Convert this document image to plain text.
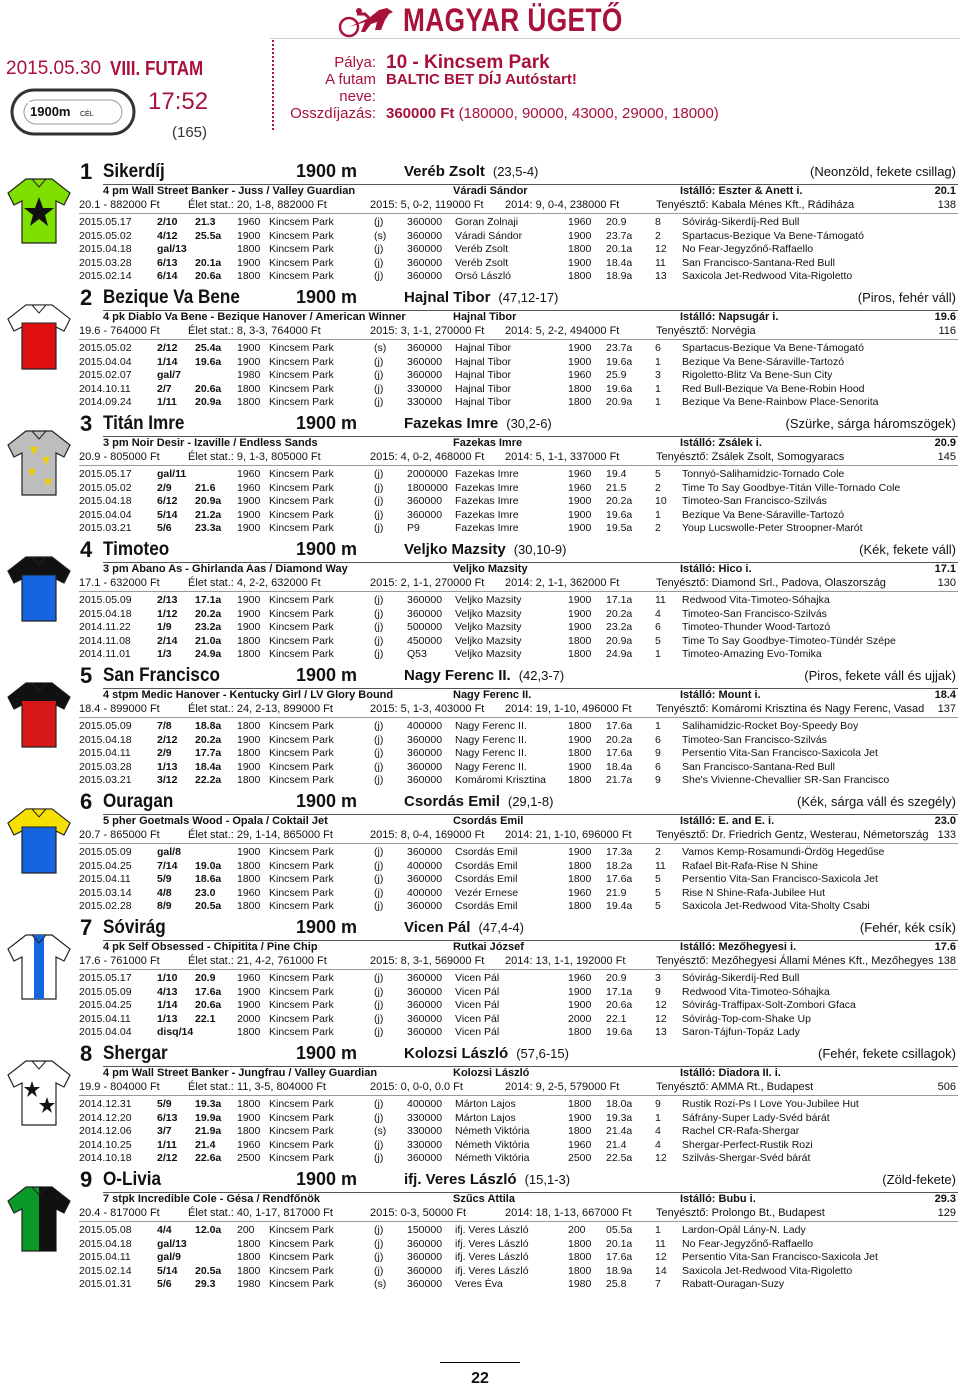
MAGYAR ÜGETŐ
2015.05.30 VIII. FUTAM
17:52
(165)
1900m CÉL
Pálya: 10 - Kincsem Park
A futam neve:
BALTIC BET DÍJ Autóstart!
Osszdíjazás: 360000 Ft
(180000, 90000, 43000, 29000, 18000)
1 Sikerdíj	1900 m	Veréb Zsolt (23,5-4)	(Neonzöld, fekete csillag)
4 pm Wall Street Banker - Juss / Valley Guardian	Váradi Sándor	Istálló: Eszter & Anett i.	20.1
20.1 - 882000 Ft	Élet stat.: 20, 1-8, 882000 Ft	2015: 5, 0-2, 119000 Ft 2014: 9, 0-4, 238000 Ft	Tenyésztő: Kabala Ménes Kft., Rádiháza	138
2015.05.17 2/10 21.3 1960 Kincsem Park	(j) 360000 Goran Zolnaji	1960 20.9	8 Sóvirág-Sikerdíj-Red Bull
2015.05.02 4/12 25.5a 1900 Kincsem Park	(s) 360000 Váradi Sándor	1900 23.7a 2 Spartacus-Bezique Va Bene-Támogató
2015.04.18 gal/13	1800 Kincsem Park	(j) 360000 Veréb Zsolt	1800 20.1a 12 No Fear-Jegyzőnő-Raffaello
2015.03.28 6/13 20.1a 1900 Kincsem Park	(j) 360000 Veréb Zsolt	1900 18.4a 11 San Francisco-Santana-Red Bull
2015.02.14 6/14 20.6a 1800 Kincsem Park	(j) 360000 Orsó László	1800 18.9a 13 Saxicola Jet-Redwood Vita-Rigoletto
2 Bezique Va Bene	1900 m	Hajnal Tibor (47,12-17)	(Piros, fehér váll)
4 pk Diablo Va Bene - Bezique Hanover / American Winner	Hajnal Tibor	Istálló: Napsugár i.	19.6
19.6 - 764000 Ft	Élet stat.: 8, 3-3, 764000 Ft	2015: 3, 1-1, 270000 Ft 2014: 5, 2-2, 494000 Ft	Tenyésztő: Norvégia	116
2015.05.02 2/12 25.4a 1900 Kincsem Park	(s) 360000 Hajnal Tibor	1900 23.7a 6 Spartacus-Bezique Va Bene-Támogató
2015.04.04 1/14 19.6a 1900 Kincsem Park	(j) 360000 Hajnal Tibor	1900 19.6a 1 Bezique Va Bene-Sáraville-Tartozó
2015.02.07 gal/7	1980 Kincsem Park	(j) 360000 Hajnal Tibor	1960 25.9	3 Rigoletto-Blitz Va Bene-Sun City
2014.10.11 2/7 20.6a 1800 Kincsem Park	(j) 330000 Hajnal Tibor	1800 19.6a 1 Red Bull-Bezique Va Bene-Robin Hood
2014.09.24 1/11 20.9a 1800 Kincsem Park	(j) 330000 Hajnal Tibor	1800 20.9a 1 Bezique Va Bene-Rainbow Place-Senorita
3 Titán Imre	1900 m	Fazekas Imre (30,2-6)	(Szürke, sárga háromszögek)
3 pm Noir Desir - Izaville / Endless Sands	Fazekas Imre	Istálló: Zsálek i.	20.9
20.9 - 805000 Ft	Élet stat.: 9, 1-3, 805000 Ft	2015: 4, 0-2, 468000 Ft 2014: 5, 1-1, 337000 Ft	Tenyésztő: Zsálek Zsolt, Somogyaracs	145
2015.05.17 gal/11	1960 Kincsem Park	(j) 2000000 Fazekas Imre	1960 19.4	5 Tonnyó-Salihamidzic-Tornado Cole
2015.05.02 2/9 21.6 1960 Kincsem Park	(j) 1800000 Fazekas Imre	1960 21.5	2 Time To Say Goodbye-Titán Ville-Tornado Cole
2015.04.18 6/12 20.9a 1900 Kincsem Park	(j) 360000 Fazekas Imre	1900 20.2a 10 Timoteo-San Francisco-Szilvás
2015.04.04 5/14 21.2a 1900 Kincsem Park	(j) 360000 Fazekas Imre	1900 19.6a 1 Bezique Va Bene-Sáraville-Tartozó
2015.03.21 5/6 23.3a 1900 Kincsem Park	(j) P9	Fazekas Imre	1900 19.5a 2 Youp Lucswolle-Peter Stroopner-Marót
4 Timoteo	1900 m	Veljko Mazsity (30,10-9)	(Kék, fekete váll)
3 pm Abano As - Ghirlanda Aas / Diamond Way	Veljko Mazsity	Istálló: Hico i.	17.1
17.1 - 632000 Ft	Élet stat.: 4, 2-2, 632000 Ft	2015: 2, 1-1, 270000 Ft 2014: 2, 1-1, 362000 Ft	Tenyésztő: Diamond Srl., Padova, Olaszország	130
2015.05.09 2/13 17.1a 1900 Kincsem Park	(j) 360000 Veljko Mazsity	1900 17.1a 11 Redwood Vita-Timoteo-Sóhajka
2015.04.18 1/12 20.2a 1900 Kincsem Park	(j) 360000 Veljko Mazsity	1900 20.2a 4 Timoteo-San Francisco-Szilvás
2014.11.22 1/9 23.2a 1900 Kincsem Park	(j) 500000 Veljko Mazsity	1900 23.2a 6 Timoteo-Thunder Wood-Tartozó
2014.11.08 2/14 21.0a 1800 Kincsem Park	(j) 450000 Veljko Mazsity	1800 20.9a 5 Time To Say Goodbye-Timoteo-Tündér Szépe
2014.11.01 1/3 24.9a 1800 Kincsem Park	(j) Q53	Veljko Mazsity	1800 24.9a 1 Timoteo-Amazing Evo-Tomika
5 San Francisco	1900 m	Nagy Ferenc II. (42,3-7)	(Piros, fekete váll és ujjak)
4 stpm Medic Hanover - Kentucky Girl / LV Glory Bound	Nagy Ferenc II.	Istálló: Mount i.	18.4
18.4 - 899000 Ft	Élet stat.: 24, 2-13, 899000 Ft	2015: 5, 1-3, 403000 Ft 2014: 19, 1-10, 496000 Ft Tenyésztő: Komáromi Krisztina és Nagy Ferenc, Vasad 137
2015.05.09 7/8 18.8a 1800 Kincsem Park	(j) 400000 Nagy Ferenc II.	1800 17.6a 1 Salihamidzic-Rocket Boy-Speedy Boy
2015.04.18 2/12 20.2a 1900 Kincsem Park	(j) 360000 Nagy Ferenc II.	1900 20.2a 6 Timoteo-San Francisco-Szilvás
2015.04.11 2/9 17.7a 1800 Kincsem Park	(j) 360000 Nagy Ferenc II.	1800 17.6a 9 Persentio Vita-San Francisco-Saxicola Jet
2015.03.28 1/13 18.4a 1900 Kincsem Park	(j) 360000 Nagy Ferenc II.	1900 18.4a 6 San Francisco-Santana-Red Bull
2015.03.21 3/12 22.2a 1800 Kincsem Park	(j) 360000 Komáromi Krisztina 1800 21.7a 9 She's Vivienne-Chevallier SR-San Francisco
6 Ouragan	1900 m	Csordás Emil (29,1-8)	(Kék, sárga váll és szegély)
5 pher Goetmals Wood - Opala / Coktail Jet	Csordás Emil	Istálló: E. and E. i.	23.0
20.7 - 865000 Ft	Élet stat.: 29, 1-14, 865000 Ft	2015: 8, 0-4, 169000 Ft 2014: 21, 1-10, 696000 Ft Tenyésztő: Dr. Friedrich Gentz, Westerau, Németország 133
2015.05.09 gal/8	1900 Kincsem Park	(j) 360000 Csordás Emil	1900 17.3a 2 Vamos Kemp-Rosamundi-Ördög Hegedűse
2015.04.25 7/14 19.0a 1800 Kincsem Park	(j) 400000 Csordás Emil	1800 18.2a 11 Rafael Bit-Rafa-Rise N Shine
2015.04.11 5/9 18.6a 1800 Kincsem Park	(j) 360000 Csordás Emil	1800 17.6a 5 Persentio Vita-San Francisco-Saxicola Jet
2015.03.14 4/8 23.0 1960 Kincsem Park	(j) 400000 Vezér Ernese	1960 21.9	5 Rise N Shine-Rafa-Jubilee Hut
2015.02.28 8/9 20.5a 1800 Kincsem Park	(j) 360000 Csordás Emil	1800 19.4a 5 Saxicola Jet-Redwood Vita-Sholty Csabi
7 Sóvirág	1900 m	Vicen Pál (47,4-4)	(Fehér, kék csík)
4 pk Self Obsessed - Chipitita / Pine Chip	Rutkai József	Istálló: Mezőhegyesi i.	17.6
17.6 - 761000 Ft	Élet stat.: 21, 4-2, 761000 Ft	2015: 8, 3-1, 569000 Ft 2014: 13, 1-1, 192000 Ft	Tenyésztő: Mezőhegyesi Állami Ménes Kft., Mezőhegyes 138
2015.05.17 1/10 20.9 1960 Kincsem Park	(j) 360000 Vicen Pál	1960 20.9	3 Sóvirág-Sikerdíj-Red Bull
2015.05.09 4/13 17.6a 1900 Kincsem Park	(j) 360000 Vicen Pál	1900 17.1a 9 Redwood Vita-Timoteo-Sóhajka
2015.04.25 1/14 20.6a 1900 Kincsem Park	(j) 360000 Vicen Pál	1900 20.6a 12 Sóvirág-Traffipax-Solt-Zombori Gfaca
2015.04.11 1/13 22.1 2000 Kincsem Park	(j) 360000 Vicen Pál	2000 22.1	12 Sóvirág-Top-com-Shake Up
2015.04.04 disq/14	1800 Kincsem Park	(j) 360000 Vicen Pál	1800 19.6a 13 Saron-Tájfun-Topáz Lady
8 Shergar	1900 m	Kolozsi László (57,6-15)	(Fehér, fekete csillagok)
4 pm Wall Street Banker - Jungfrau / Valley Guardian	Kolozsi László	Istálló: Diadora II. i.
19.9 - 804000 Ft	Élet stat.: 11, 3-5, 804000 Ft	2015: 0, 0-0, 0.0 Ft	2014: 9, 2-5, 579000 Ft	Tenyésztő: AMMA Rt., Budapest	506
2014.12.31 5/9 19.3a 1800 Kincsem Park	(j) 400000 Márton Lajos	1800 18.0a 9 Rustik Rozi-Ps I Love You-Jubilee Hut
2014.12.20 6/13 19.9a 1900 Kincsem Park	(j) 330000 Márton Lajos	1900 19.3a 1 Sáfrány-Super Lady-Svéd bárát
2014.12.06 3/7 21.9a 1800 Kincsem Park	(s) 330000 Németh Viktória	1800 21.4a 4 Rachel CR-Rafa-Shergar
2014.10.25 1/11 21.4 1960 Kincsem Park	(j) 330000 Németh Viktória	1960 21.4	4 Shergar-Perfect-Rustik Rozi
2014.10.18 2/12 22.6a 2500 Kincsem Park	(j) 360000 Németh Viktória	2500 22.5a 12 Szilvás-Shergar-Svéd bárát
9 O-Livia	1900 m	ifj. Veres László (15,1-3)	(Zöld-fekete)
7 stpk Incredible Cole - Gésa / Rendfőnök	Szűcs Attila	Istálló: Bubu i.	29.3
20.4 - 817000 Ft	Élet stat.: 40, 1-17, 817000 Ft	2015: 0-3, 50000 Ft	2014: 18, 1-13, 667000 Ft Tenyésztő: Prolongo Bt., Budapest	129
2015.05.08 4/4 12.0a 200 Kincsem Park	(j) 150000 ifj. Veres László	200 05.5a 1 Lardon-Opál Lány-N. Lady
2015.04.18 gal/13	1800 Kincsem Park	(j) 360000 ifj. Veres László	1800 20.1a 11 No Fear-Jegyzőnő-Raffaello
2015.04.11 gal/9	1800 Kincsem Park	(j) 360000 ifj. Veres László	1800 17.6a 12 Persentio Vita-San Francisco-Saxicola Jet
2015.02.14 5/14 20.5a 1800 Kincsem Park	(j) 360000 ifj. Veres László	1800 18.9a 14 Saxicola Jet-Redwood Vita-Rigoletto
2015.01.31 5/6 29.3 1980 Kincsem Park	(s) 360000 Veres Éva	1980 25.8	7 Rabatt-Ouragan-Suzy
22
